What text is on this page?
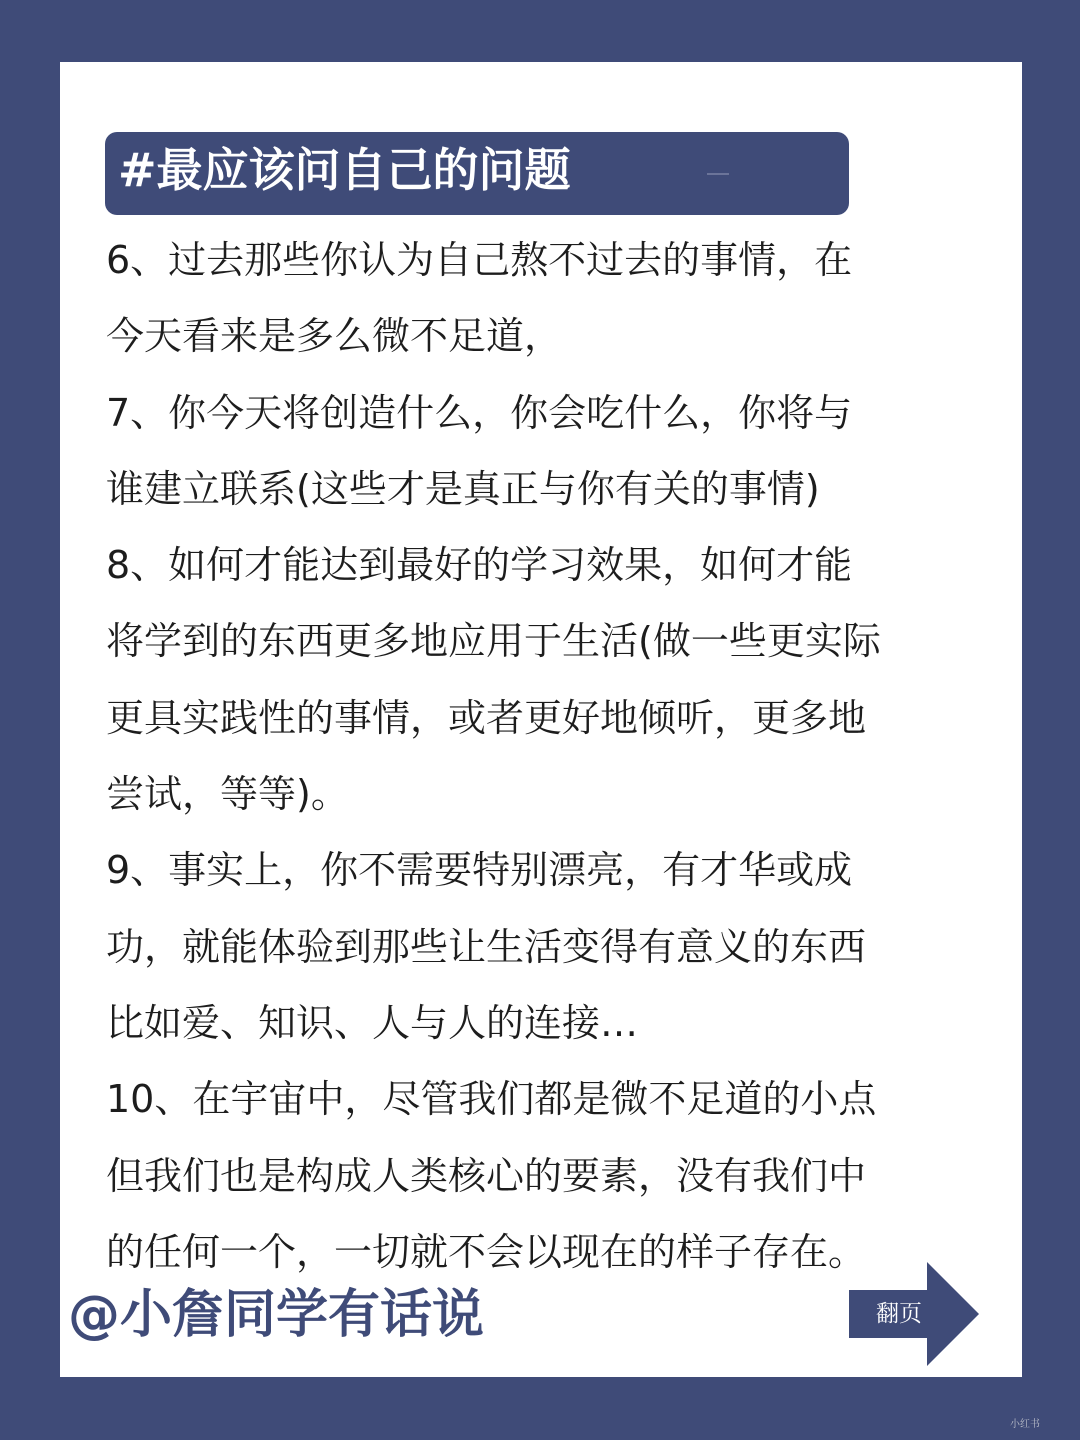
#最应该问自己的问题
6、过去那些你认为自己熬不过去的事情，在
今天看来是多么微不足道，
7、你今天将创造什么，你会吃什么，你将与
谁建立联系(这些才是真正与你有关的事情)
8、如何才能达到最好的学习效果，如何才能
将学到的东西更多地应用于生活(做一些更实际
更具实践性的事情，或者更好地倾听，更多地
尝试，等等)。
9、事实上，你不需要特别漂亮，有才华或成
功，就能体验到那些让生活变得有意义的东西
比如爱、知识、人与人的连接…
10、在宇宙中，尽管我们都是微不足道的小点
但我们也是构成人类核心的要素，没有我们中
的任何一个，一切就不会以现在的样子存在。
@小詹同学有话说	翻页
小红书
